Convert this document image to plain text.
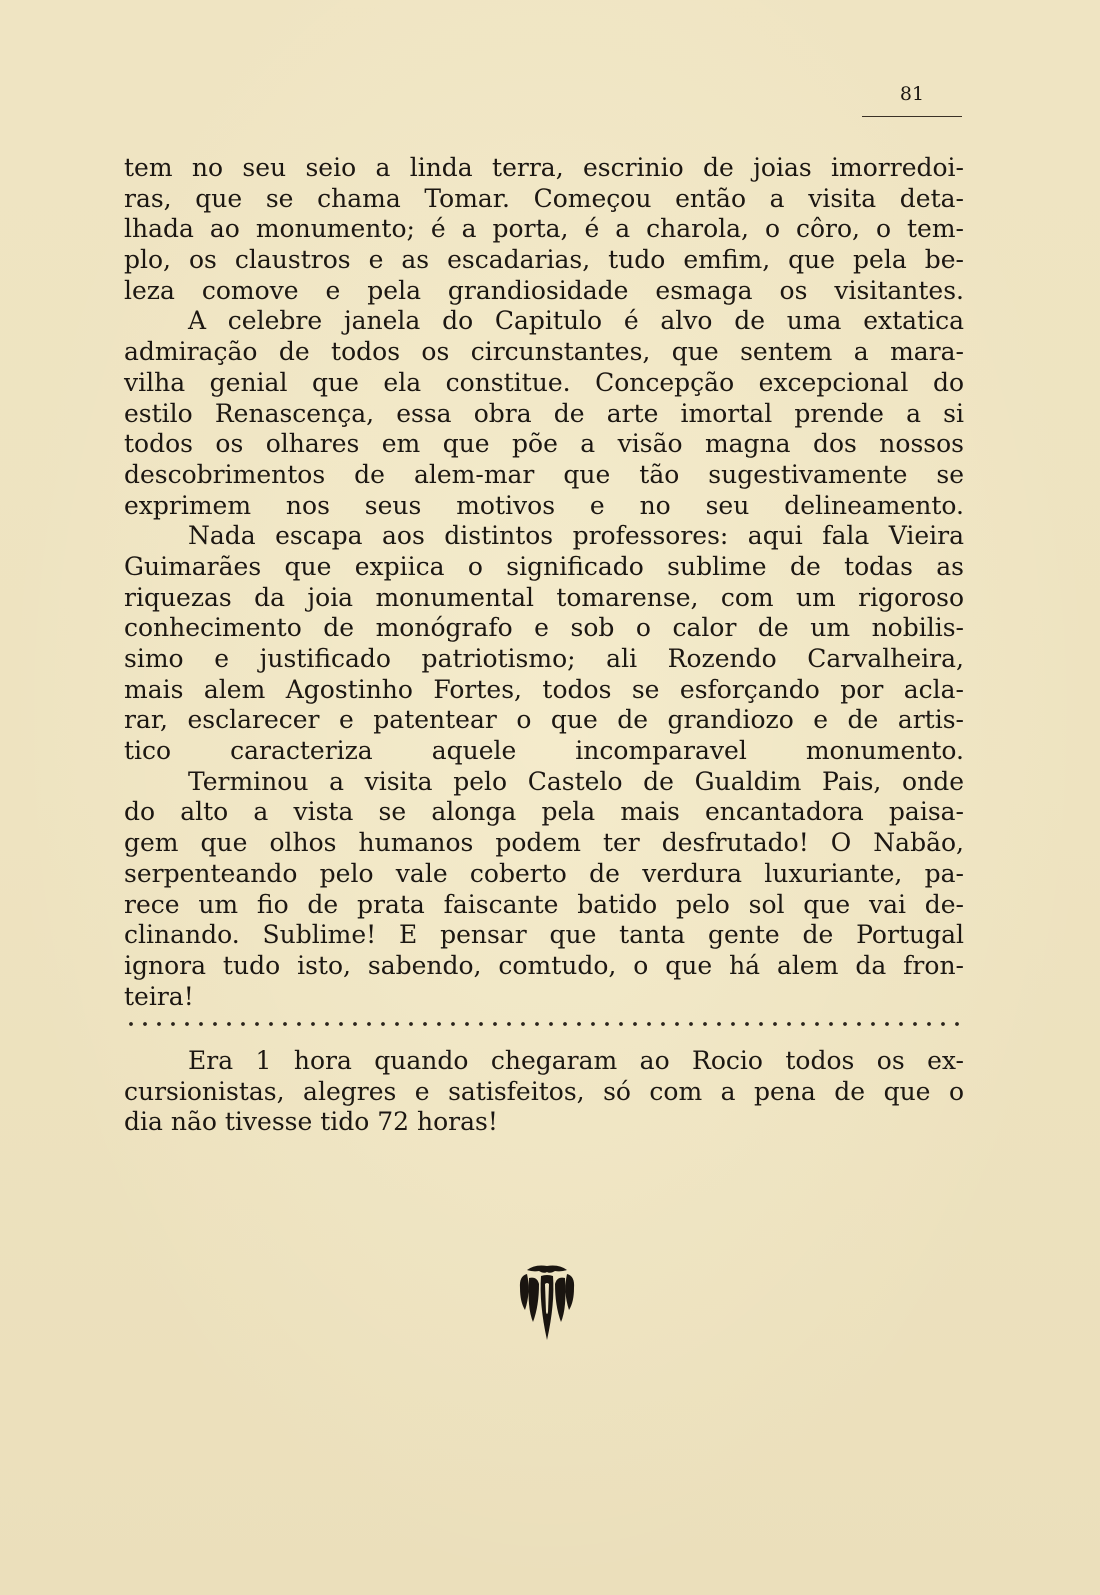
81
tem no seu seio a linda terra, escrinio de joias imorredoi-
ras, que se chama Tomar. Começou então a visita deta-
lhada ao monumento; é a porta, é a charola, o côro, o tem-
plo, os claustros e as escadarias, tudo emfim, que pela be-
leza comove e pela grandiosidade esmaga os visitantes.
A celebre janela do Capitulo é alvo de uma extatica
admiração de todos os circunstantes, que sentem a mara-
vilha genial que ela constitue. Concepção excepcional do
estilo Renascença, essa obra de arte imortal prende a si
todos os olhares em que põe a visão magna dos nossos
descobrimentos de alem-mar que tão sugestivamente se
exprimem nos seus motivos e no seu delineamento.
Nada escapa aos distintos professores: aqui fala Vieira
Guimarães que expiica o significado sublime de todas as
riquezas da joia monumental tomarense, com um rigoroso
conhecimento de monógrafo e sob o calor de um nobilis-
simo e justificado patriotismo; ali Rozendo Carvalheira,
mais alem Agostinho Fortes, todos se esforçando por acla-
rar, esclarecer e patentear o que de grandiozo e de artis-
tico caracteriza aquele incomparavel monumento.
Terminou a visita pelo Castelo de Gualdim Pais, onde
do alto a vista se alonga pela mais encantadora paisa-
gem que olhos humanos podem ter desfrutado! O Nabão,
serpenteando pelo vale coberto de verdura luxuriante, pa-
rece um fio de prata faiscante batido pelo sol que vai de-
clinando. Sublime! E pensar que tanta gente de Portugal
ignora tudo isto, sabendo, comtudo, o que há alem da fron-
teira!
Era 1 hora quando chegaram ao Rocio todos os ex-
cursionistas, alegres e satisfeitos, só com a pena de que o
dia não tivesse tido 72 horas!
